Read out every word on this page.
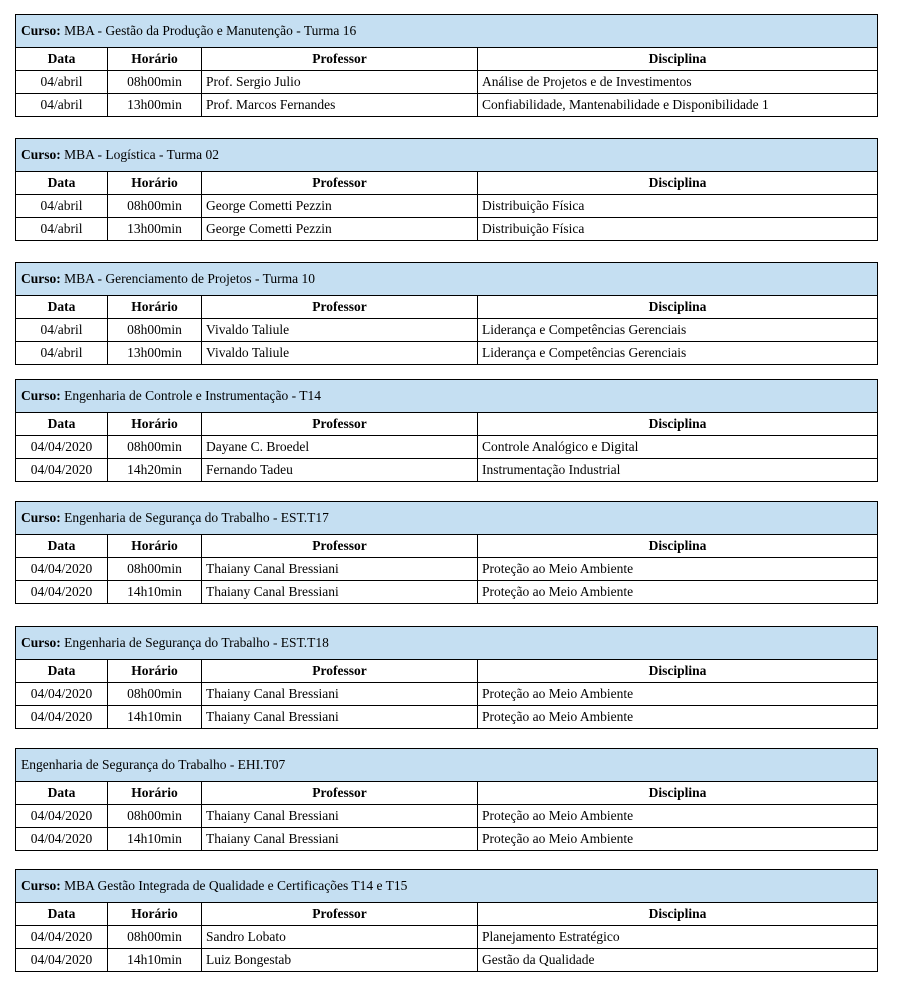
Curso: MBA - Gestão da Produção e Manutenção - Turma 16			
Data	Horário	Professor	Disciplina
04/abril	08h00min	Prof. Sergio Julio	Análise de Projetos e de Investimentos
04/abril	13h00min	Prof. Marcos Fernandes	Confiabilidade, Mantenabilidade e Disponibilidade 1
Curso: MBA - Logística - Turma 02			
Data	Horário	Professor	Disciplina
04/abril	08h00min	George Cometti Pezzin	Distribuição Física
04/abril	13h00min	George Cometti Pezzin	Distribuição Física
Curso: MBA - Gerenciamento de Projetos - Turma 10			
Data	Horário	Professor	Disciplina
04/abril	08h00min	Vivaldo Taliule	Liderança e Competências Gerenciais
04/abril	13h00min	Vivaldo Taliule	Liderança e Competências Gerenciais
Curso: Engenharia de Controle e Instrumentação - T14			
Data	Horário	Professor	Disciplina
04/04/2020	08h00min	Dayane C. Broedel	Controle Analógico e Digital
04/04/2020	14h20min	Fernando Tadeu	Instrumentação Industrial
Curso: Engenharia de Segurança do Trabalho - EST.T17			
Data	Horário	Professor	Disciplina
04/04/2020	08h00min	Thaiany Canal Bressiani	Proteção ao Meio Ambiente
04/04/2020	14h10min	Thaiany Canal Bressiani	Proteção ao Meio Ambiente
Curso: Engenharia de Segurança do Trabalho - EST.T18			
Data	Horário	Professor	Disciplina
04/04/2020	08h00min	Thaiany Canal Bressiani	Proteção ao Meio Ambiente
04/04/2020	14h10min	Thaiany Canal Bressiani	Proteção ao Meio Ambiente
Engenharia de Segurança do Trabalho - EHI.T07			
Data	Horário	Professor	Disciplina
04/04/2020	08h00min	Thaiany Canal Bressiani	Proteção ao Meio Ambiente
04/04/2020	14h10min	Thaiany Canal Bressiani	Proteção ao Meio Ambiente
Curso: MBA Gestão Integrada de Qualidade e Certificações T14 e T15			
Data	Horário	Professor	Disciplina
04/04/2020	08h00min	Sandro Lobato	Planejamento Estratégico
04/04/2020	14h10min	Luiz Bongestab	Gestão da Qualidade
